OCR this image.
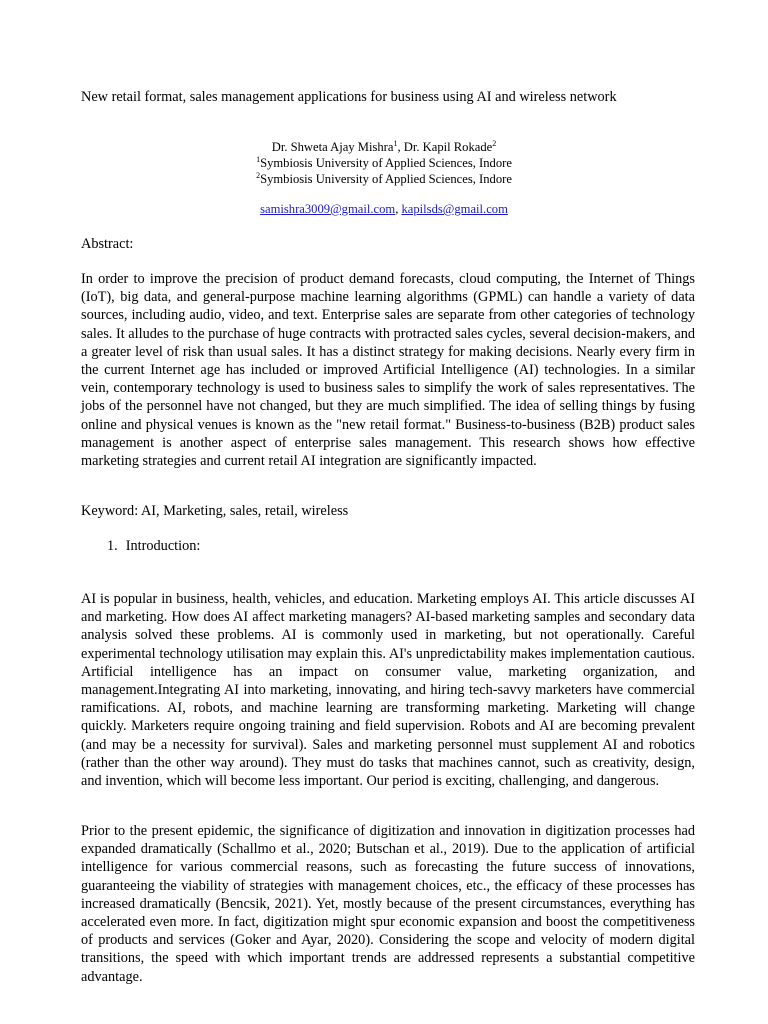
New retail format, sales management applications for business using AI and wireless network
Dr. Shweta Ajay Mishra$^1$, Dr. Kapil Rokade$^2$
$^1$Symbiosis University of Applied Sciences, Indore
$^2$Symbiosis University of Applied Sciences, Indore
samishra3009@gmail.com, kapilsds@gmail.com
Abstract:
In order to improve the precision of product demand forecasts, cloud computing, the Internet of Things (IoT), big data, and general-purpose machine learning algorithms (GPML) can handle a variety of data sources, including audio, video, and text. Enterprise sales are separate from other categories of technology sales. It alludes to the purchase of huge contracts with protracted sales cycles, several decision-makers, and a greater level of risk than usual sales. It has a distinct strategy for making decisions. Nearly every firm in the current Internet age has included or improved Artificial Intelligence (AI) technologies. In a similar vein, contemporary technology is used to business sales to simplify the work of sales representatives. The jobs of the personnel have not changed, but they are much simplified. The idea of selling things by fusing online and physical venues is known as the "new retail format." Business-to-business (B2B) product sales management is another aspect of enterprise sales management. This research shows how effective marketing strategies and current retail AI integration are significantly impacted.
Keyword: AI, Marketing, sales, retail, wireless
1. Introduction:
AI is popular in business, health, vehicles, and education. Marketing employs AI. This article discusses AI and marketing. How does AI affect marketing managers? AI-based marketing samples and secondary data analysis solved these problems. AI is commonly used in marketing, but not operationally. Careful experimental technology utilisation may explain this. AI's unpredictability makes implementation cautious. Artificial intelligence has an impact on consumer value, marketing organization, and management.Integrating AI into marketing, innovating, and hiring tech-savvy marketers have commercial ramifications. AI, robots, and machine learning are transforming marketing. Marketing will change quickly. Marketers require ongoing training and field supervision. Robots and AI are becoming prevalent (and may be a necessity for survival). Sales and marketing personnel must supplement AI and robotics (rather than the other way around). They must do tasks that machines cannot, such as creativity, design, and invention, which will become less important. Our period is exciting, challenging, and dangerous.
Prior to the present epidemic, the significance of digitization and innovation in digitization processes had expanded dramatically (Schallmo et al., 2020; Butschan et al., 2019). Due to the application of artificial intelligence for various commercial reasons, such as forecasting the future success of innovations, guaranteeing the viability of strategies with management choices, etc., the efficacy of these processes has increased dramatically (Bencsik, 2021). Yet, mostly because of the present circumstances, everything has accelerated even more. In fact, digitization might spur economic expansion and boost the competitiveness of products and services (Goker and Ayar, 2020). Considering the scope and velocity of modern digital transitions, the speed with which important trends are addressed represents a substantial competitive advantage.
